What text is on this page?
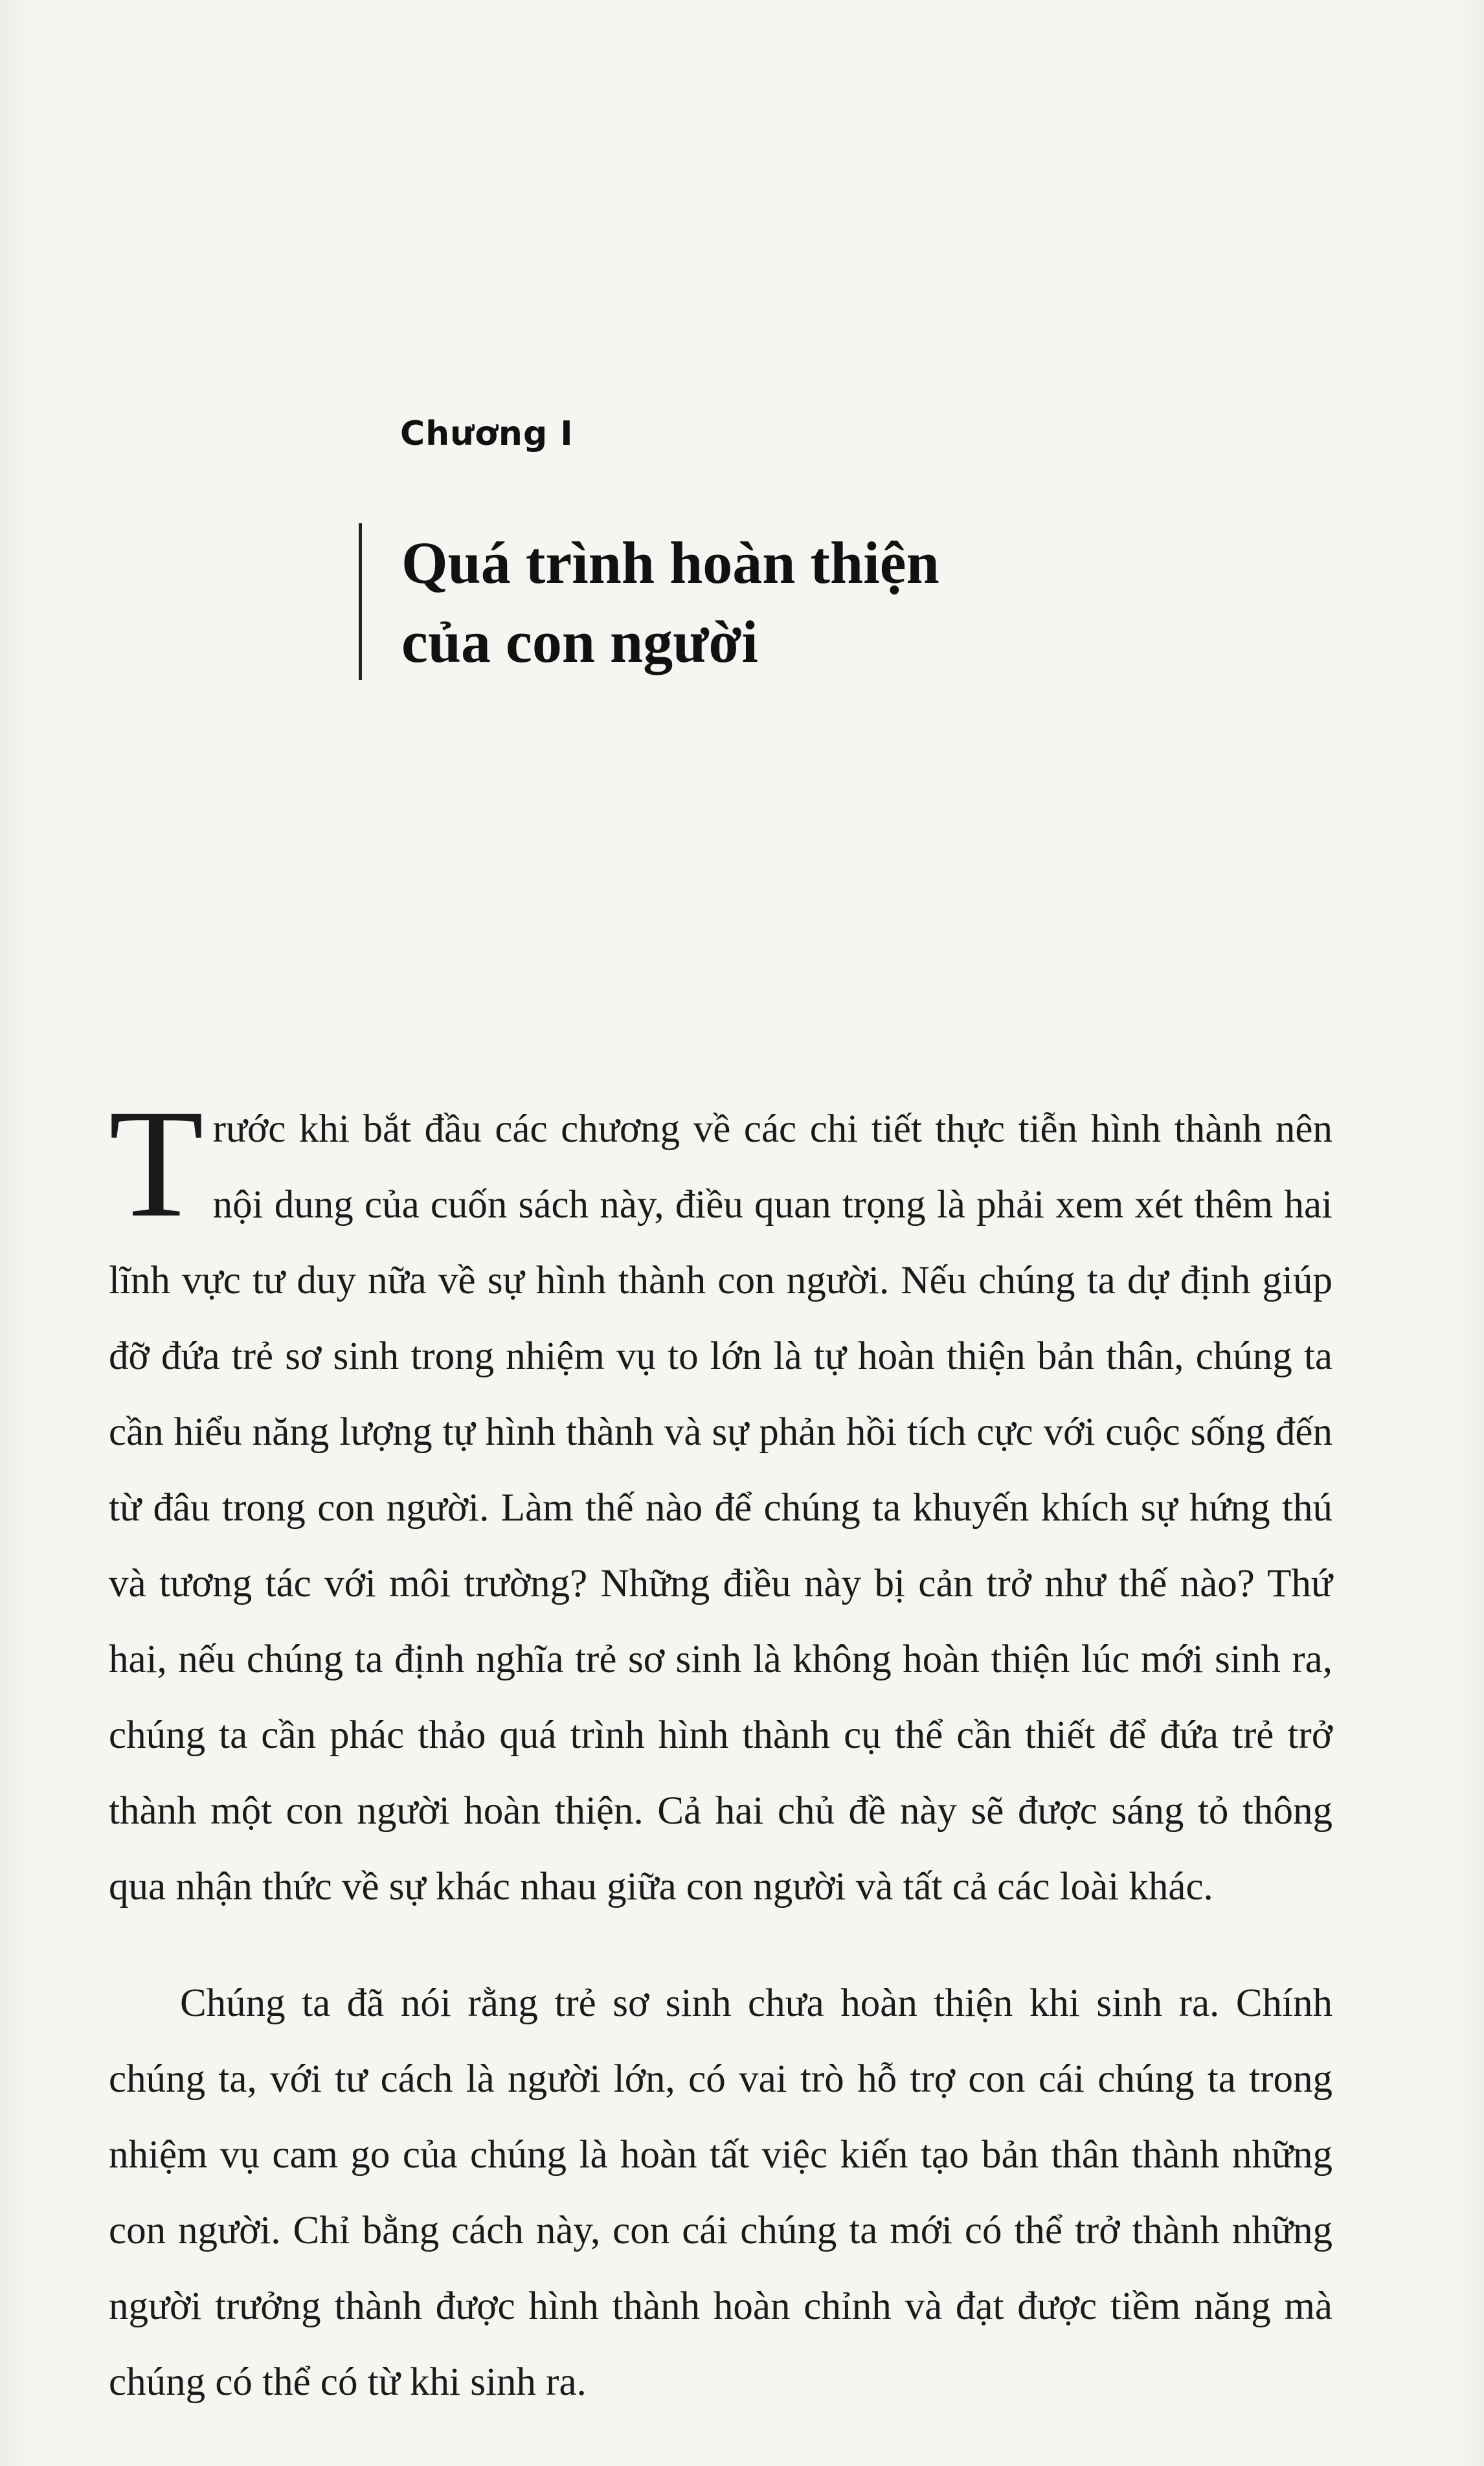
Chương I
Quá trình hoàn thiện
của con người

Trước khi bắt đầu các chương về các chi tiết thực tiễn hình thành nên nội dung của cuốn sách này, điều quan trọng là phải xem xét thêm hai lĩnh vực tư duy nữa về sự hình thành con người. Nếu chúng ta dự định giúp đỡ đứa trẻ sơ sinh trong nhiệm vụ to lớn là tự hoàn thiện bản thân, chúng ta cần hiểu năng lượng tự hình thành và sự phản hồi tích cực với cuộc sống đến từ đâu trong con người. Làm thế nào để chúng ta khuyến khích sự hứng thú và tương tác với môi trường? Những điều này bị cản trở như thế nào? Thứ hai, nếu chúng ta định nghĩa trẻ sơ sinh là không hoàn thiện lúc mới sinh ra, chúng ta cần phác thảo quá trình hình thành cụ thể cần thiết để đứa trẻ trở thành một con người hoàn thiện. Cả hai chủ đề này sẽ được sáng tỏ thông qua nhận thức về sự khác nhau giữa con người và tất cả các loài khác.

Chúng ta đã nói rằng trẻ sơ sinh chưa hoàn thiện khi sinh ra. Chính chúng ta, với tư cách là người lớn, có vai trò hỗ trợ con cái chúng ta trong nhiệm vụ cam go của chúng là hoàn tất việc kiến tạo bản thân thành những con người. Chỉ bằng cách này, con cái chúng ta mới có thể trở thành những người trưởng thành được hình thành hoàn chỉnh và đạt được tiềm năng mà chúng có thể có từ khi sinh ra.
